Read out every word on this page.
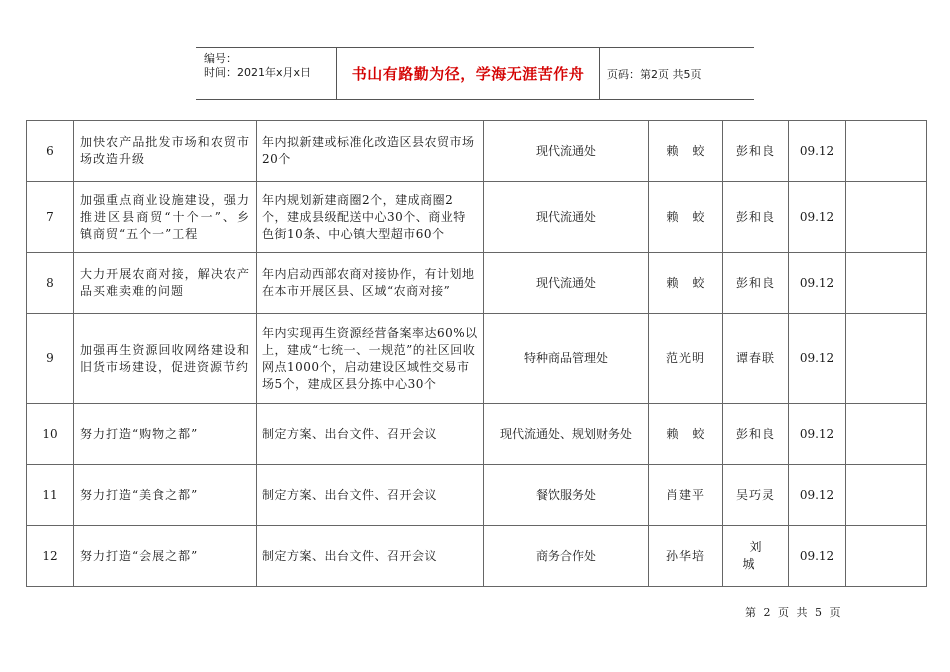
编号：
时间：2021年x月x日	书山有路勤为径，学海无涯苦作舟	页码：第2页 共5页
6	加快农产品批发市场和农贸市场改造升级	年内拟新建或标准化改造区县农贸市场20个	现代流通处	赖蛟	彭和良	09.12	
7	加强重点商业设施建设，强力推进区县商贸“十个一”、乡镇商贸“五个一”工程	年内规划新建商圈2个，建成商圈2个，建成县级配送中心30个、商业特色街10条、中心镇大型超市60个	现代流通处	赖蛟	彭和良	09.12	
8	大力开展农商对接，解决农产品买难卖难的问题	年内启动西部农商对接协作，有计划地在本市开展区县、区域“农商对接”	现代流通处	赖蛟	彭和良	09.12	
9	加强再生资源回收网络建设和旧货市场建设，促进资源节约	年内实现再生资源经营备案率达60%以上，建成“七统一、一规范”的社区回收网点1000个，启动建设区域性交易市场5个，建成区县分拣中心30个	特种商品管理处	范光明	谭春联	09.12	
10	努力打造“购物之都”	制定方案、出台文件、召开会议	现代流通处、规划财务处	赖蛟	彭和良	09.12	
11	努力打造“美食之都”	制定方案、出台文件、召开会议	餐饮服务处	肖建平	吴巧灵	09.12	
12	努力打造“会展之都”	制定方案、出台文件、召开会议	商务合作处	孙华培	刘城	09.12	
第 2 页 共 5 页
